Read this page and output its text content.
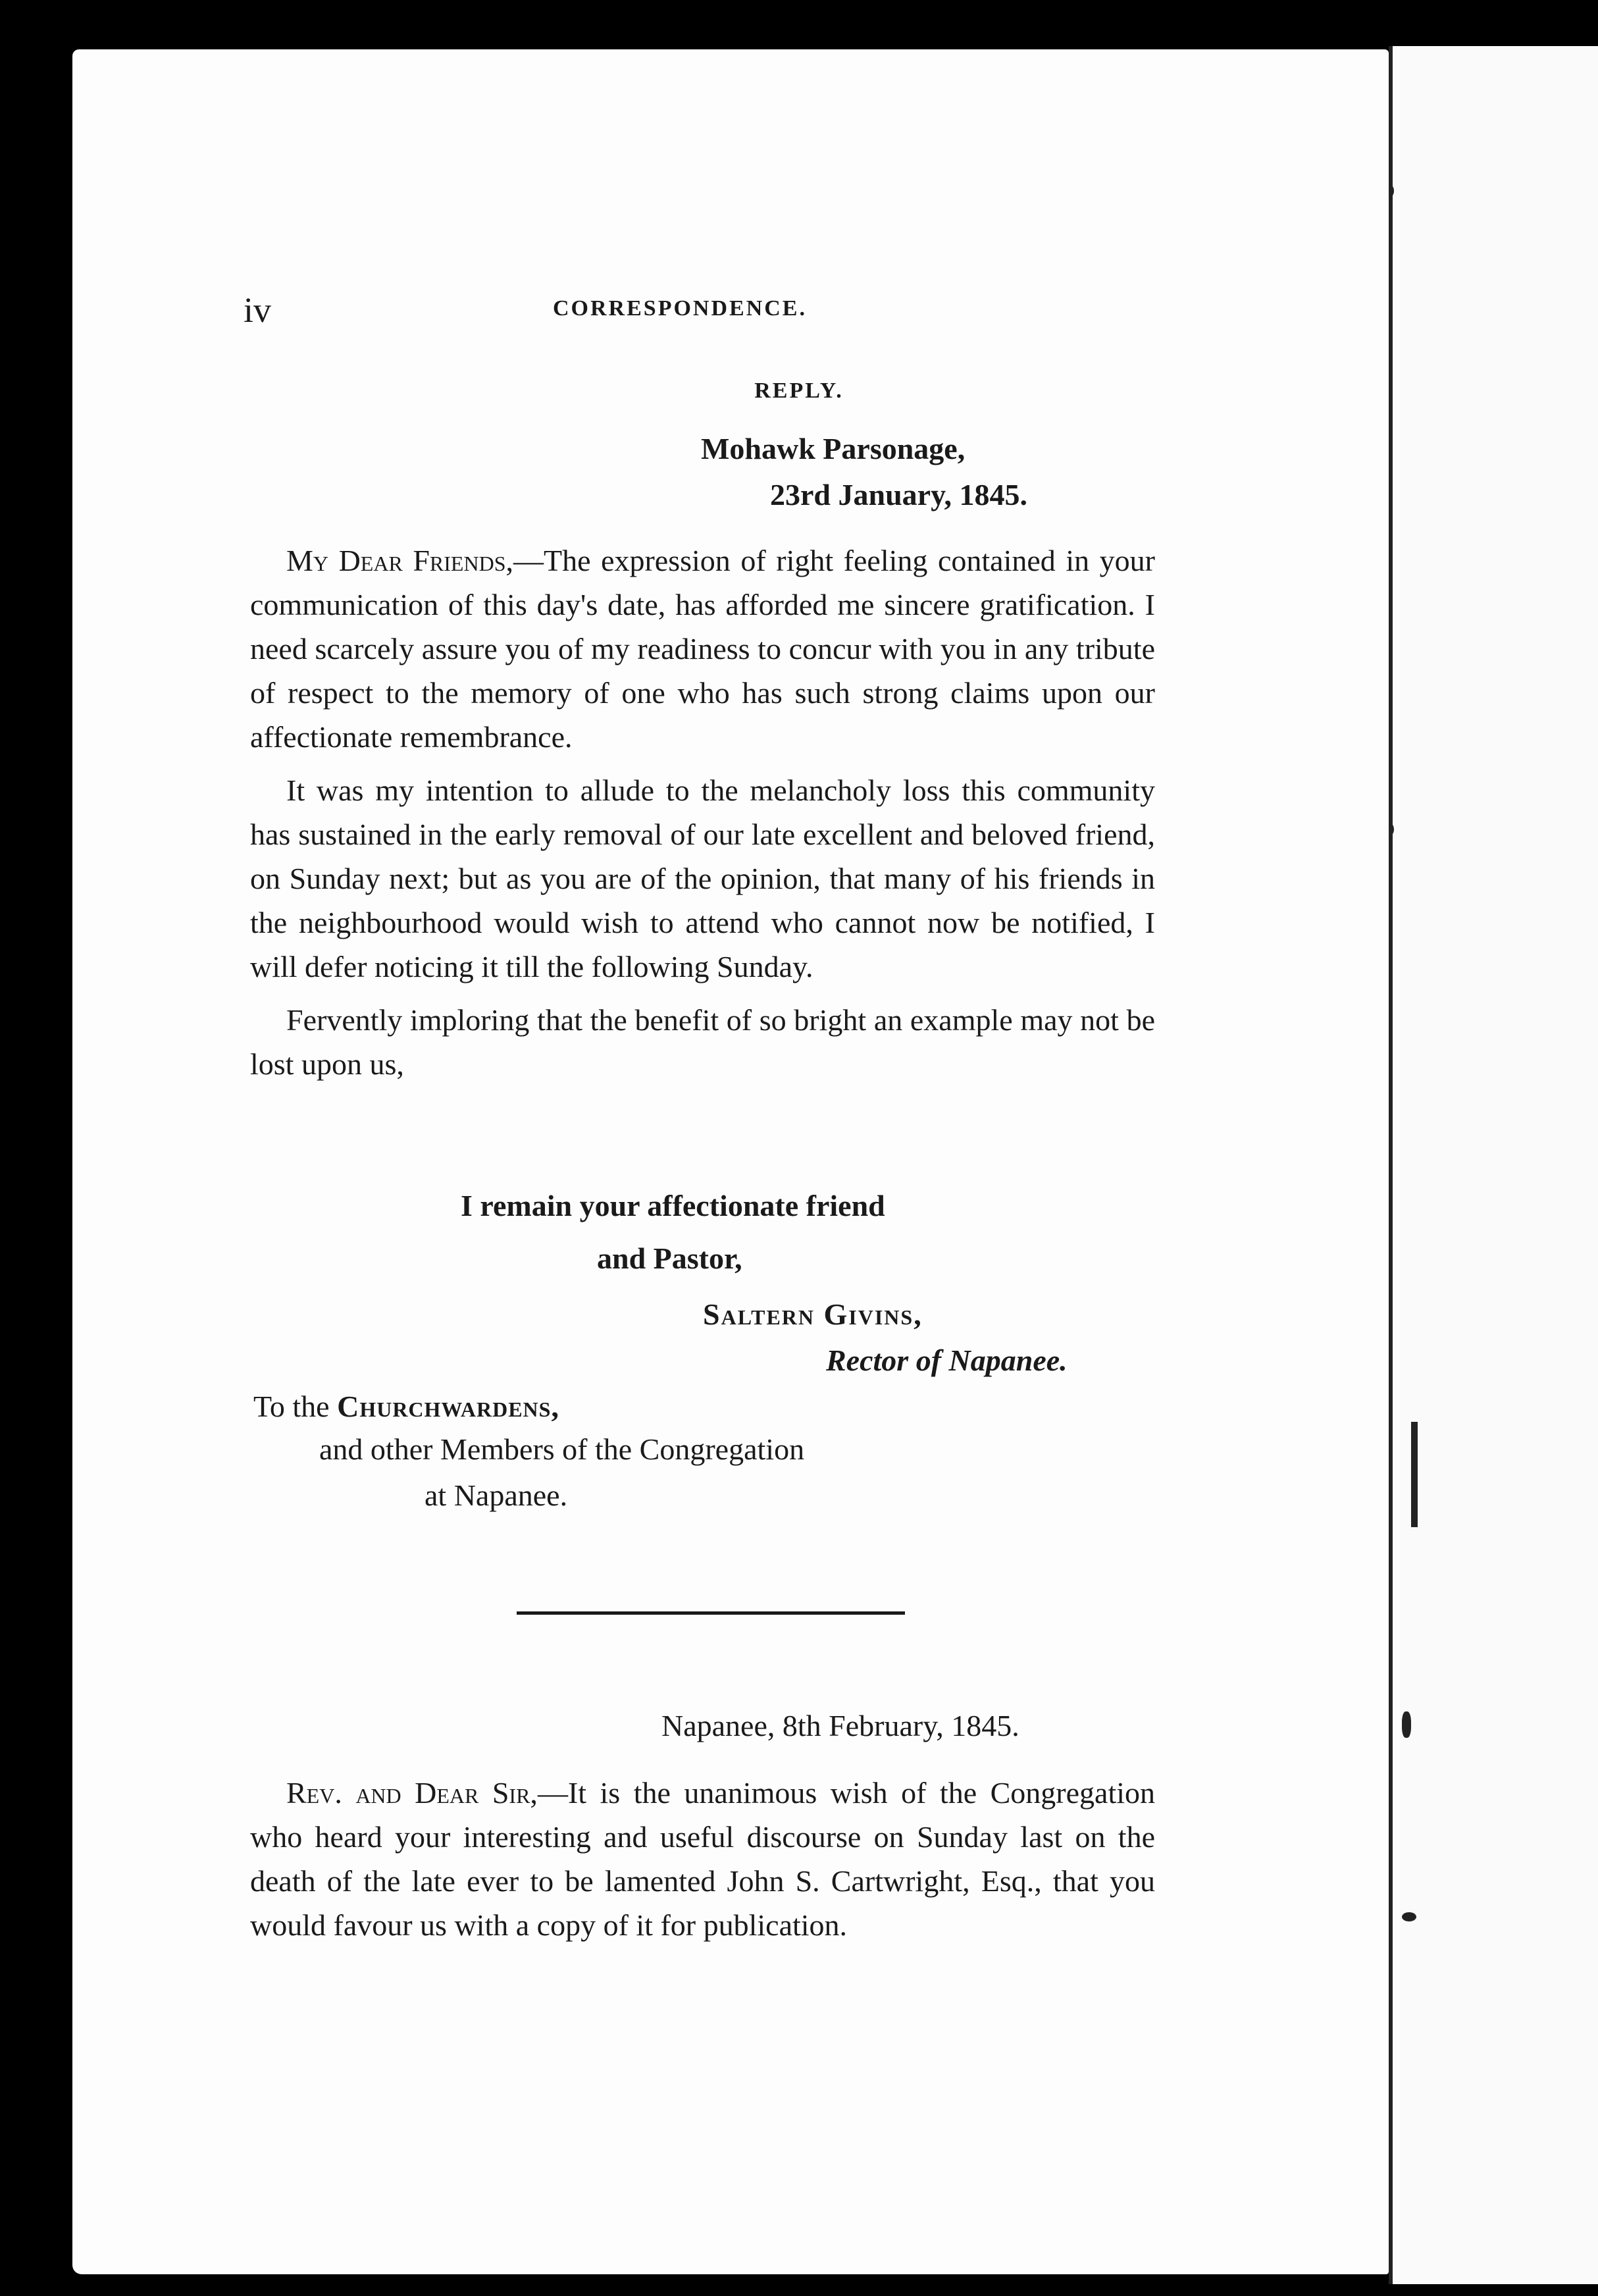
iv	CORRESPONDENCE.
REPLY.
Mohawk Parsonage,
23rd January, 1845.

My Dear Friends,—The expression of right feeling contained in your communication of this day's date, has afforded me sincere gratification. I need scarcely assure you of my readiness to concur with you in any tribute of respect to the memory of one who has such strong claims upon our affectionate remembrance.

It was my intention to allude to the melancholy loss this community has sustained in the early removal of our late excellent and beloved friend, on Sunday next; but as you are of the opinion, that many of his friends in the neighbourhood would wish to attend who cannot now be notified, I will defer noticing it till the following Sunday.

Fervently imploring that the benefit of so bright an example may not be lost upon us,

I remain your affectionate friend
and Pastor,
Saltern Givins,
Rector of Napanee.
To the Churchwardens,
and other Members of the Congregation
at Napanee.
Napanee, 8th February, 1845.

Rev. and Dear Sir,—It is the unanimous wish of the Congregation who heard your interesting and useful discourse on Sunday last on the death of the late ever to be lamented John S. Cartwright, Esq., that you would favour us with a copy of it for publication.
